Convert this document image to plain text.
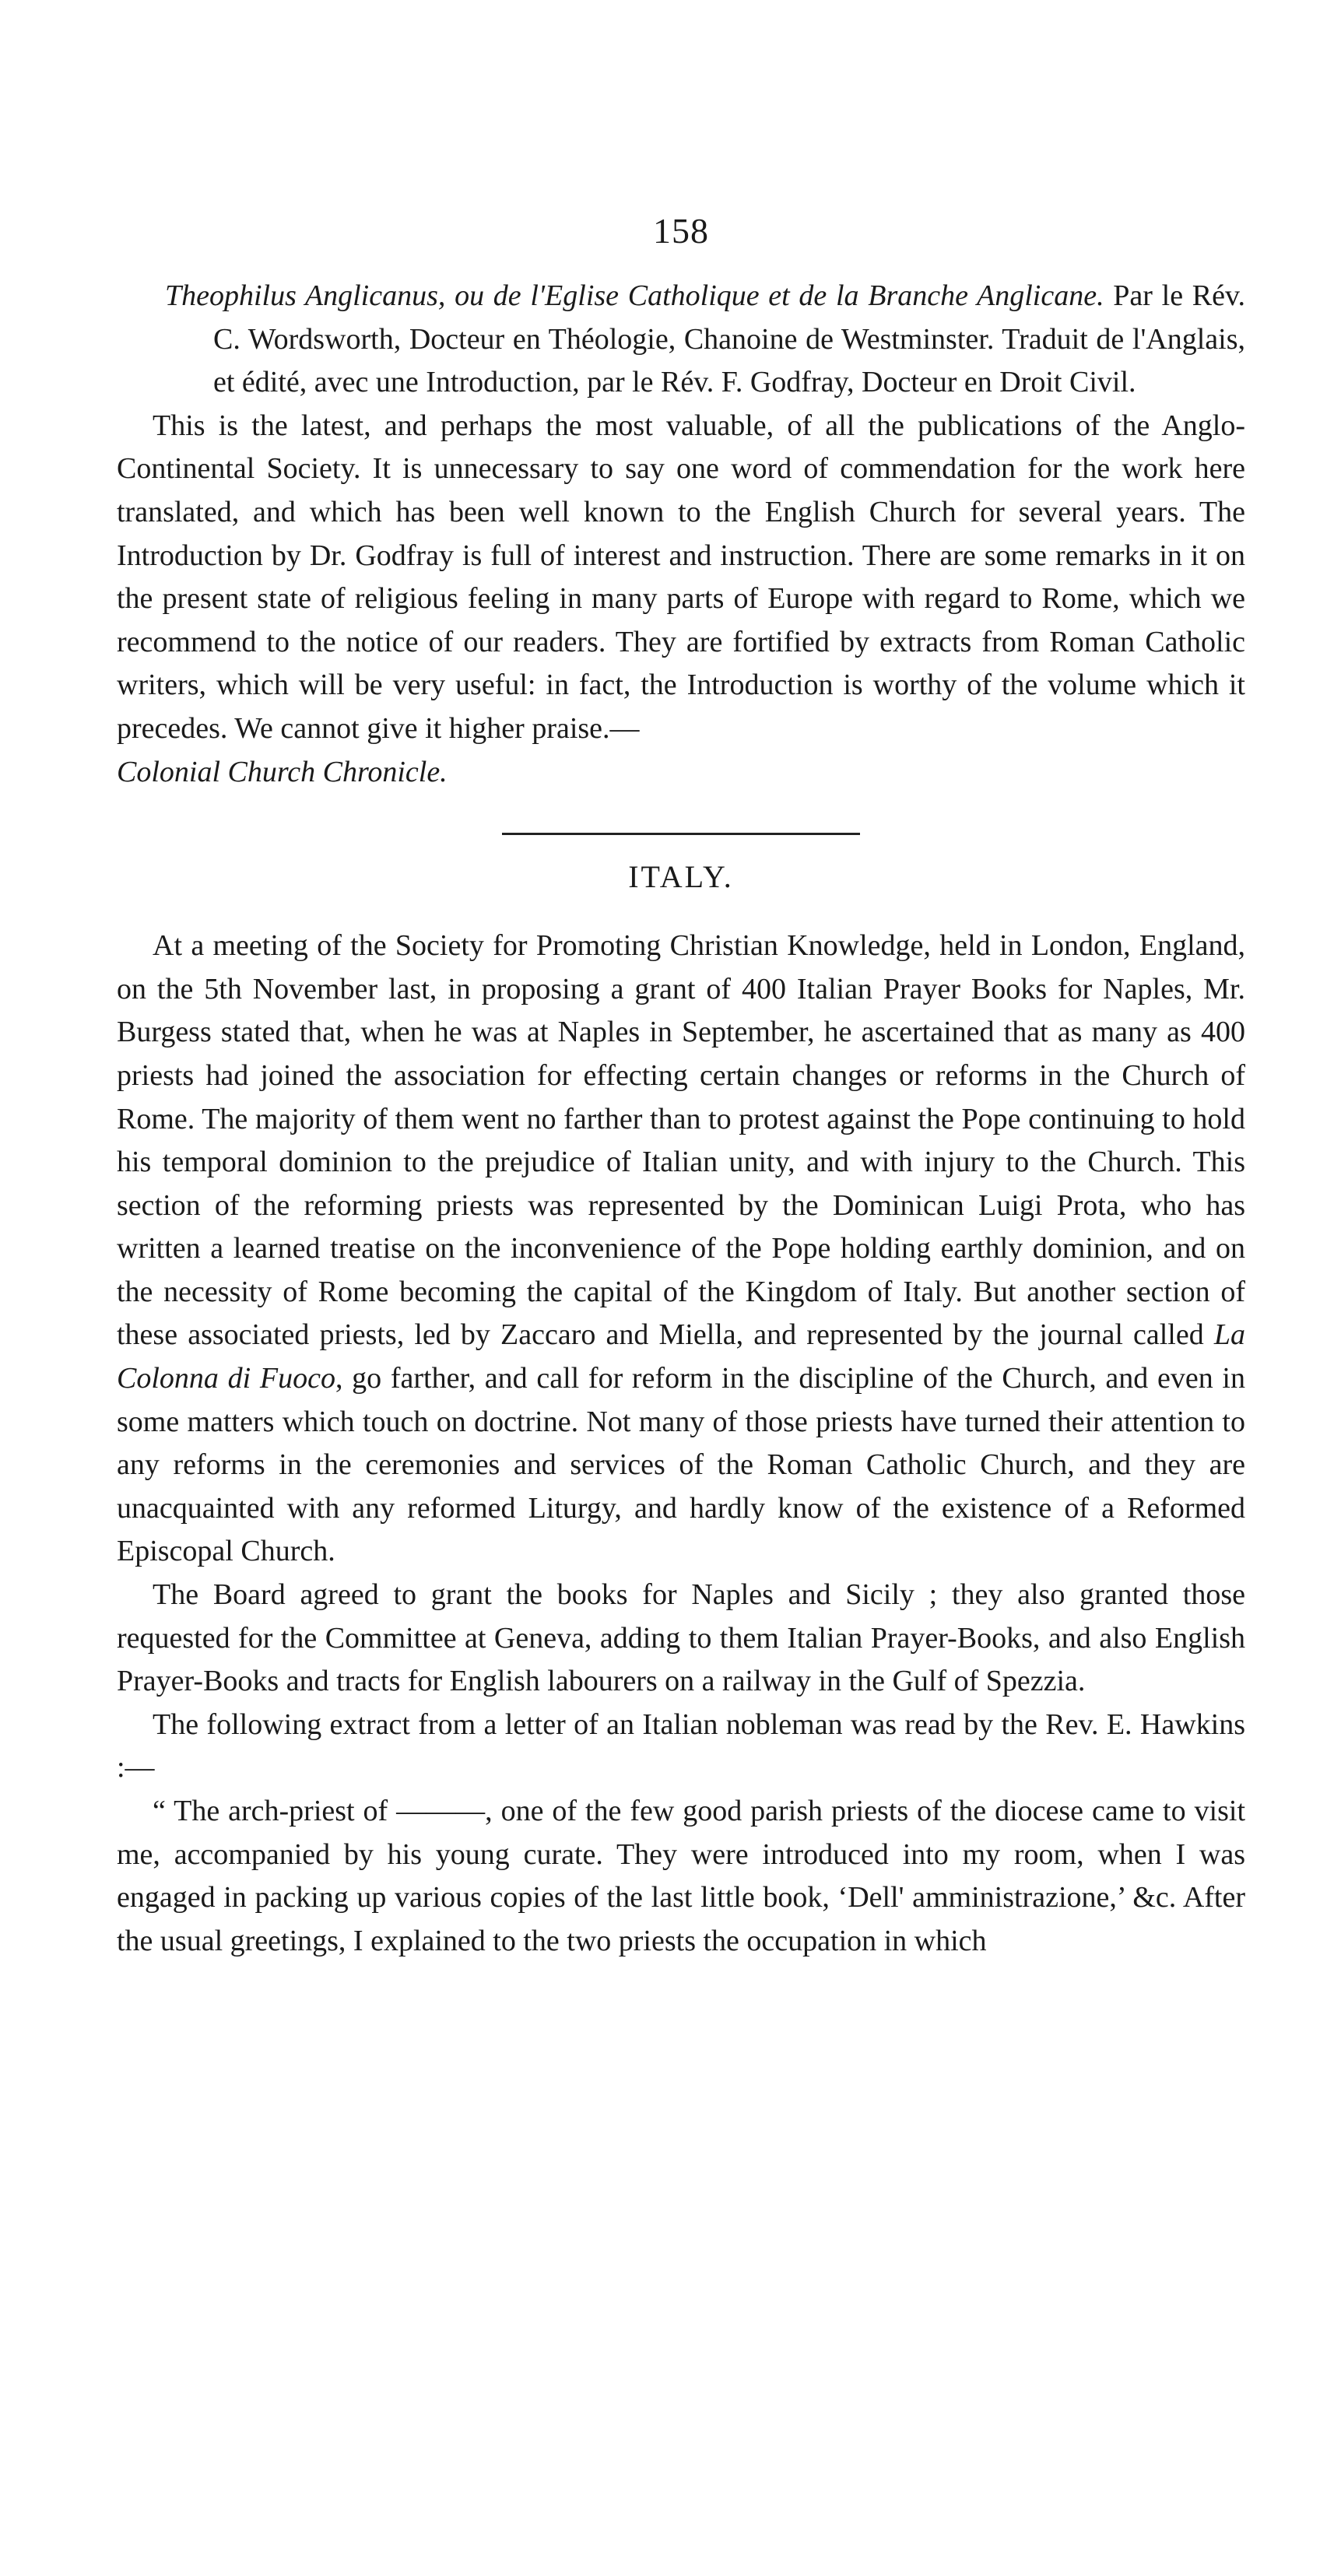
158

Theophilus Anglicanus, ou de l'Eglise Catholique et de la Branche Anglicane. Par le Rév. C. Wordsworth, Docteur en Théologie, Chanoine de Westminster. Traduit de l'Anglais, et édité, avec une Introduction, par le Rév. F. Godfray, Docteur en Droit Civil.

This is the latest, and perhaps the most valuable, of all the publications of the Anglo-Continental Society. It is unnecessary to say one word of commendation for the work here translated, and which has been well known to the English Church for several years. The Introduction by Dr. Godfray is full of interest and instruction. There are some remarks in it on the present state of religious feeling in many parts of Europe with regard to Rome, which we recommend to the notice of our readers. They are fortified by extracts from Roman Catholic writers, which will be very useful: in fact, the Introduction is worthy of the volume which it precedes. We cannot give it higher praise.—
Colonial Church Chronicle.

ITALY.

At a meeting of the Society for Promoting Christian Knowledge, held in London, England, on the 5th November last, in proposing a grant of 400 Italian Prayer Books for Naples, Mr. Burgess stated that, when he was at Naples in September, he ascertained that as many as 400 priests had joined the association for effecting certain changes or reforms in the Church of Rome. The majority of them went no farther than to protest against the Pope continuing to hold his temporal dominion to the prejudice of Italian unity, and with injury to the Church. This section of the reforming priests was represented by the Dominican Luigi Prota, who has written a learned treatise on the inconvenience of the Pope holding earthly dominion, and on the necessity of Rome becoming the capital of the Kingdom of Italy. But another section of these associated priests, led by Zaccaro and Miella, and represented by the journal called La Colonna di Fuoco, go farther, and call for reform in the discipline of the Church, and even in some matters which touch on doctrine. Not many of those priests have turned their attention to any reforms in the ceremonies and services of the Roman Catholic Church, and they are unacquainted with any reformed Liturgy, and hardly know of the existence of a Reformed Episcopal Church.

The Board agreed to grant the books for Naples and Sicily ; they also granted those requested for the Committee at Geneva, adding to them Italian Prayer-Books, and also English Prayer-Books and tracts for English labourers on a railway in the Gulf of Spezzia.

The following extract from a letter of an Italian nobleman was read by the Rev. E. Hawkins :—

“ The arch-priest of ———, one of the few good parish priests of the diocese came to visit me, accompanied by his young curate. They were introduced into my room, when I was engaged in packing up various copies of the last little book, ‘Dell' amministrazione,’ &c. After the usual greetings, I explained to the two priests the occupation in which
